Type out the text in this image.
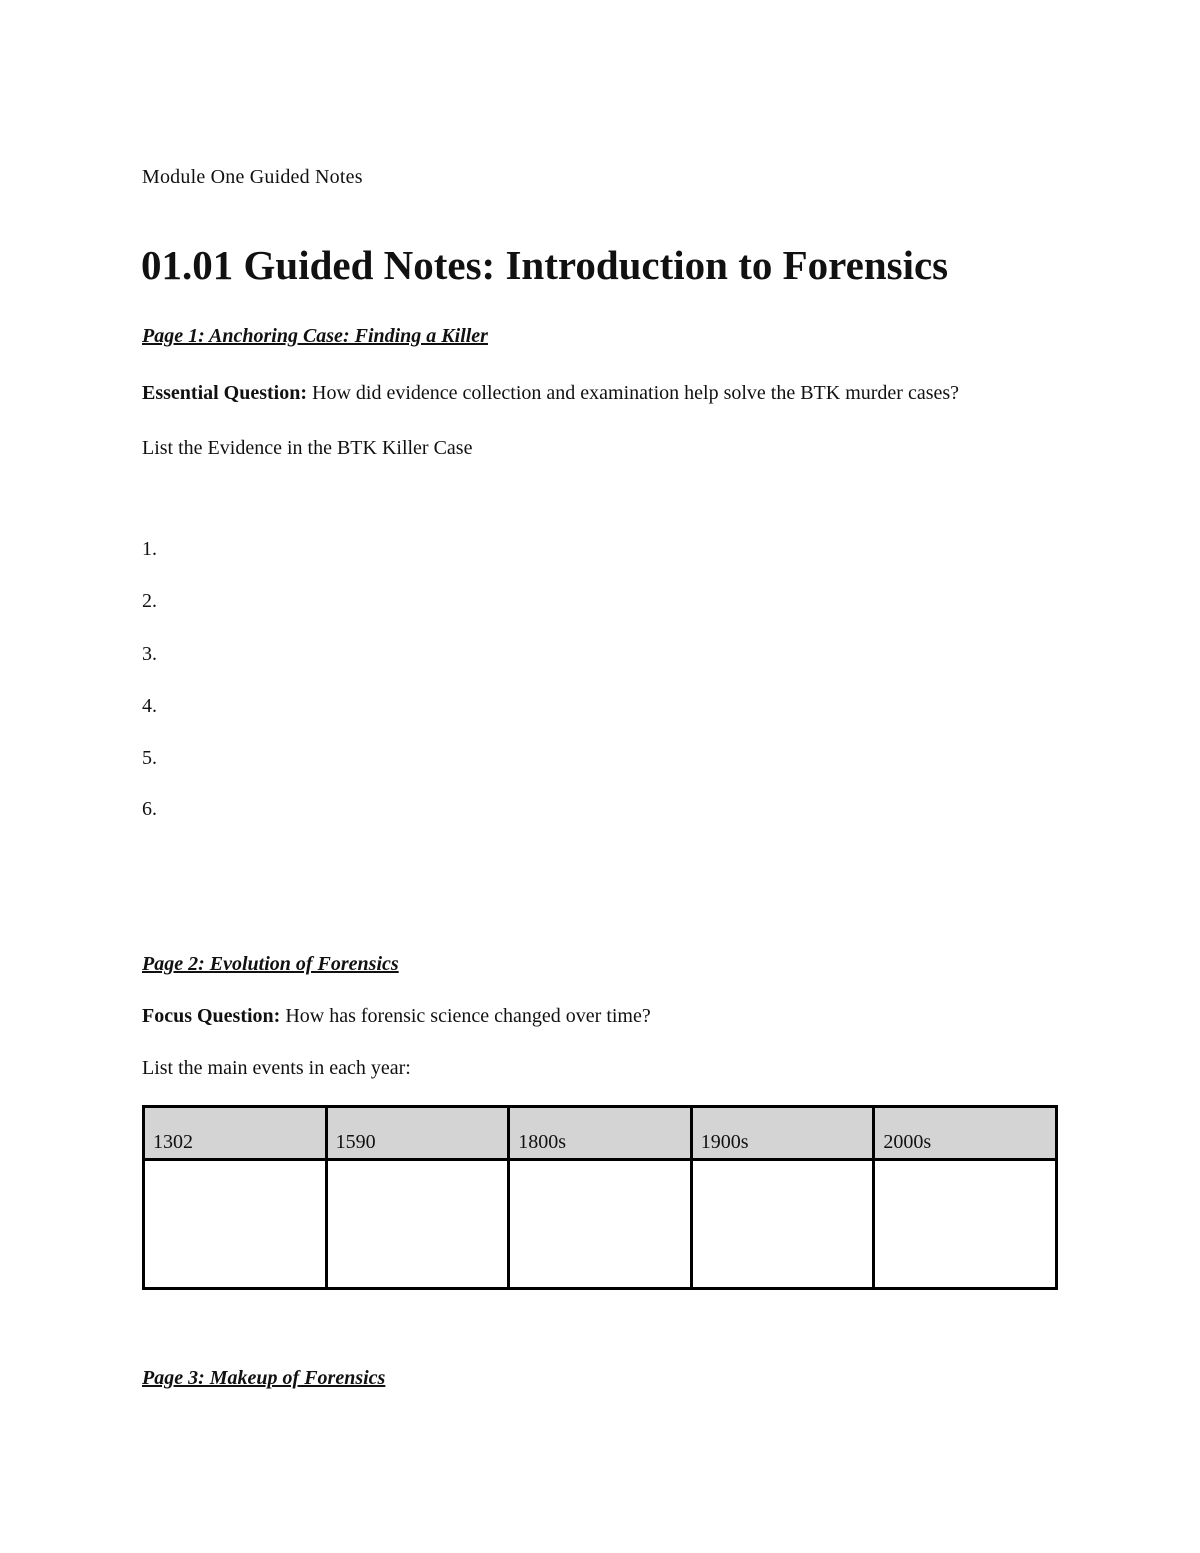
Module One Guided Notes
01.01 Guided Notes: Introduction to Forensics
Page 1: Anchoring Case: Finding a Killer
Essential Question: How did evidence collection and examination help solve the BTK murder cases?
List the Evidence in the BTK Killer Case
1.
2.
3.
4.
5.
6.
Page 2: Evolution of Forensics
Focus Question: How has forensic science changed over time?
List the main events in each year:
1302	1590	1800s	1900s	2000s

Page 3: Makeup of Forensics
